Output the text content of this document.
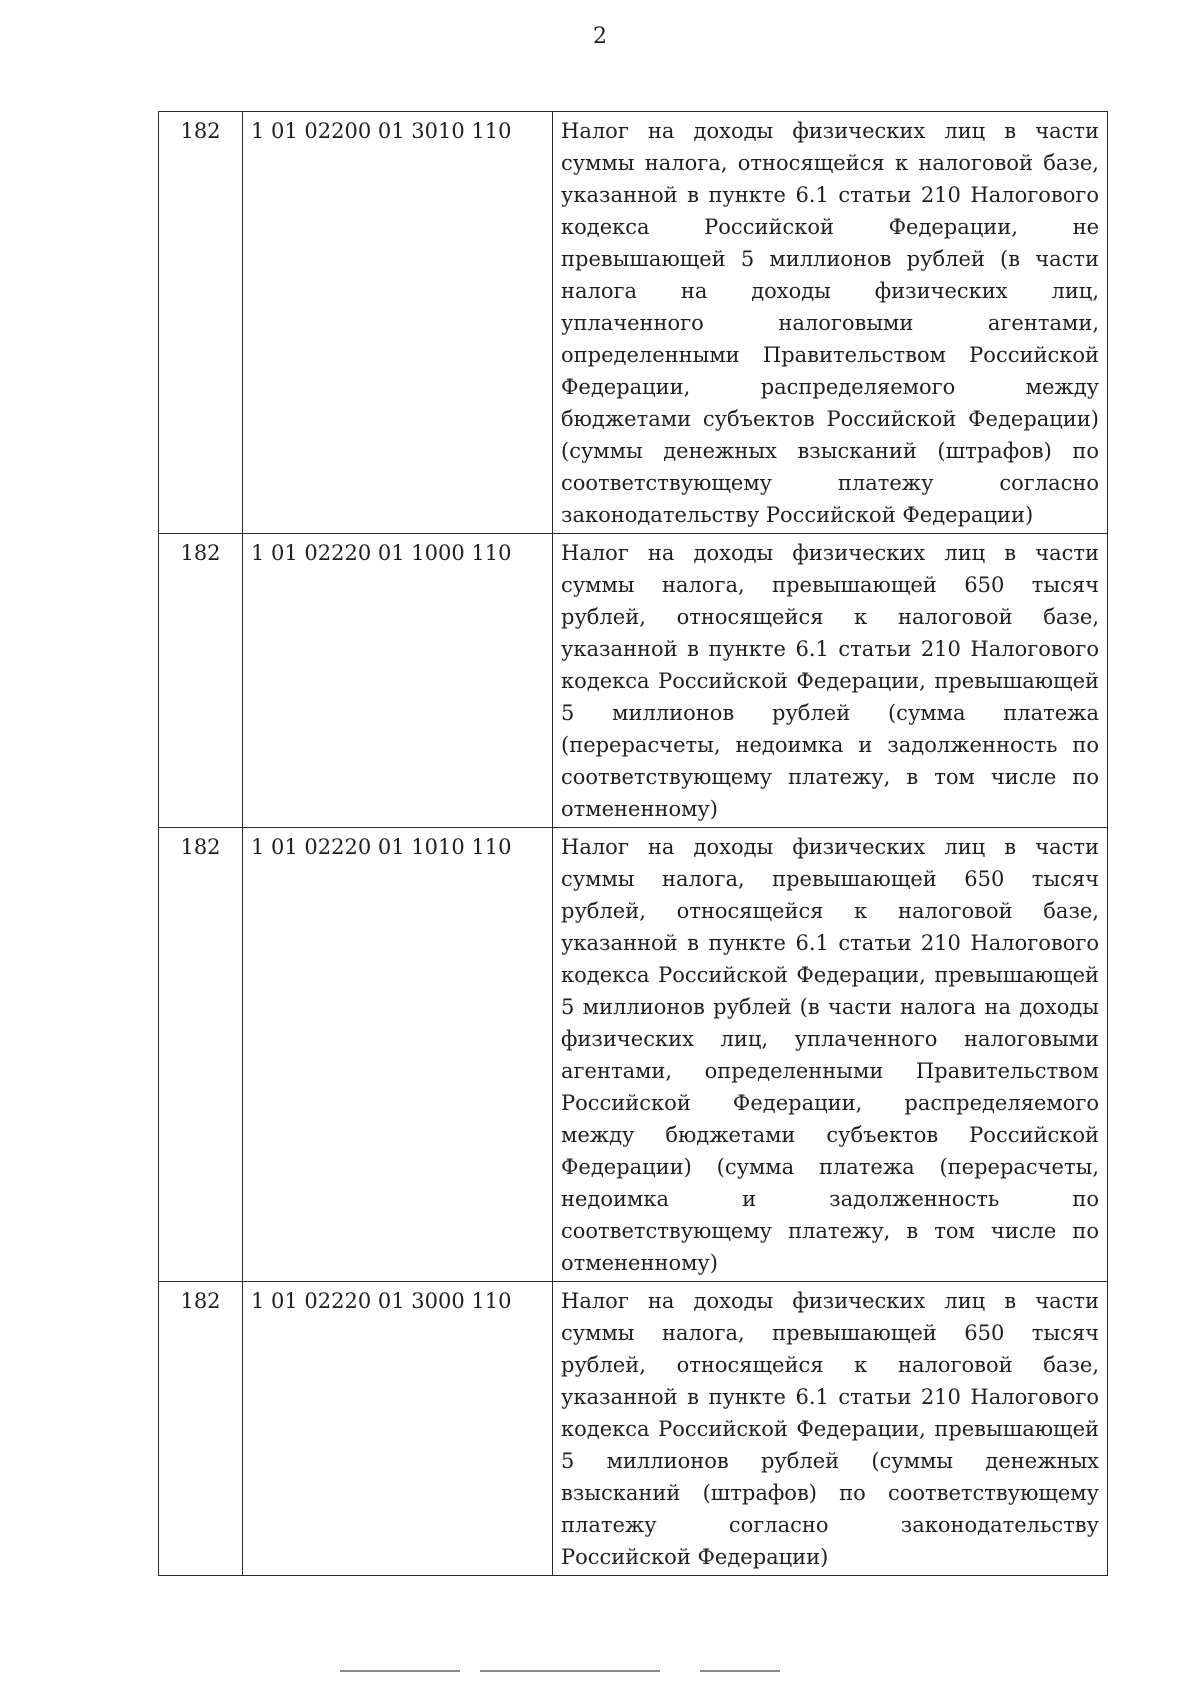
2
182	1 01 02200 01 3010 110	Налог на доходы физических лиц в части суммы налога, относящейся к налоговой базе, указанной в пункте 6.1 статьи 210 Налогового кодекса Российской Федерации, не превышающей 5 миллионов рублей (в части налога на доходы физических лиц, уплаченного налоговыми агентами, определенными Правительством Российской Федерации, распределяемого между бюджетами субъектов Российской Федерации)(суммы денежных взысканий (штрафов) по соответствующему платежу согласно законодательству Российской Федерации)
182	1 01 02220 01 1000 110	Налог на доходы физических лиц в части суммы налога, превышающей 650 тысяч рублей, относящейся к налоговой базе, указанной в пункте 6.1 статьи 210 Налогового кодекса Российской Федерации, превышающей 5 миллионов рублей (сумма платежа (перерасчеты, недоимка и задолженность по соответствующему платежу, в том числе по отмененному)
182	1 01 02220 01 1010 110	Налог на доходы физических лиц в части суммы налога, превышающей 650 тысяч рублей, относящейся к налоговой базе, указанной в пункте 6.1 статьи 210 Налогового кодекса Российской Федерации, превышающей 5 миллионов рублей (в части налога на доходы физических лиц, уплаченного налоговыми агентами, определенными Правительством Российской Федерации, распределяемого между бюджетами субъектов Российской Федерации) (сумма платежа (перерасчеты, недоимка и задолженность по соответствующему платежу, в том числе по отмененному)
182	1 01 02220 01 3000 110	Налог на доходы физических лиц в части суммы налога, превышающей 650 тысяч рублей, относящейся к налоговой базе, указанной в пункте 6.1 статьи 210 Налогового кодекса Российской Федерации, превышающей 5 миллионов рублей (суммы денежных взысканий (штрафов) по соответствующему платежу согласно законодательству Российской Федерации)
